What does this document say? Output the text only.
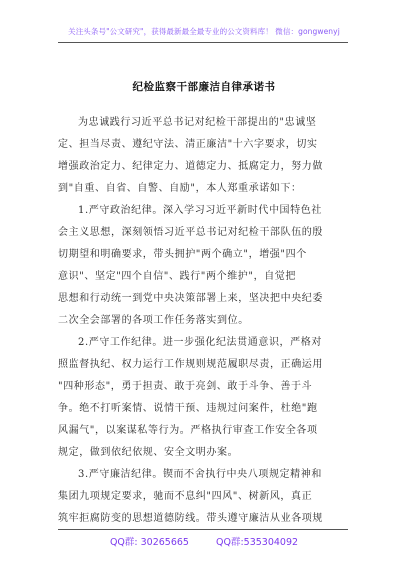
关注头条号"公文研究"，获得最新最全最专业的公文资料库！ 微信：gongwenyj
纪检监察干部廉洁自律承诺书
为忠诚践行习近平总书记对纪检干部提出的"忠诚坚
定、担当尽责、遵纪守法、清正廉洁"十六字要求，切实
增强政治定力、纪律定力、道德定力、抵腐定力，努力做
到"自重、自省、自警、自励"，本人郑重承诺如下：
1.严守政治纪律。深入学习习近平新时代中国特色社
会主义思想，深刻领悟习近平总书记对纪检干部队伍的殷
切期望和明确要求，带头拥护"两个确立"，增强"四个
意识"、坚定"四个自信"、践行"两个维护"，自觉把
思想和行动统一到党中央决策部署上来，坚决把中央纪委
二次全会部署的各项工作任务落实到位。
2.严守工作纪律。进一步强化纪法贯通意识，严格对
照监督执纪、权力运行工作规则规范履职尽责，正确运用
"四种形态"，勇于担责、敢于亮剑、敢于斗争、善于斗
争。绝不打听案情、说情干预、违规过问案件，杜绝"跑
风漏气"，以案谋私等行为。严格执行审查工作安全各项
规定，做到依纪依规、安全文明办案。
3.严守廉洁纪律。锲而不舍执行中央八项规定精神和
集团九项规定要求，驰而不息纠"四风"、树新风，真正
筑牢拒腐防变的思想道德防线。带头遵守廉洁从业各项规
QQ群: 30265665	QQ群:535304092
